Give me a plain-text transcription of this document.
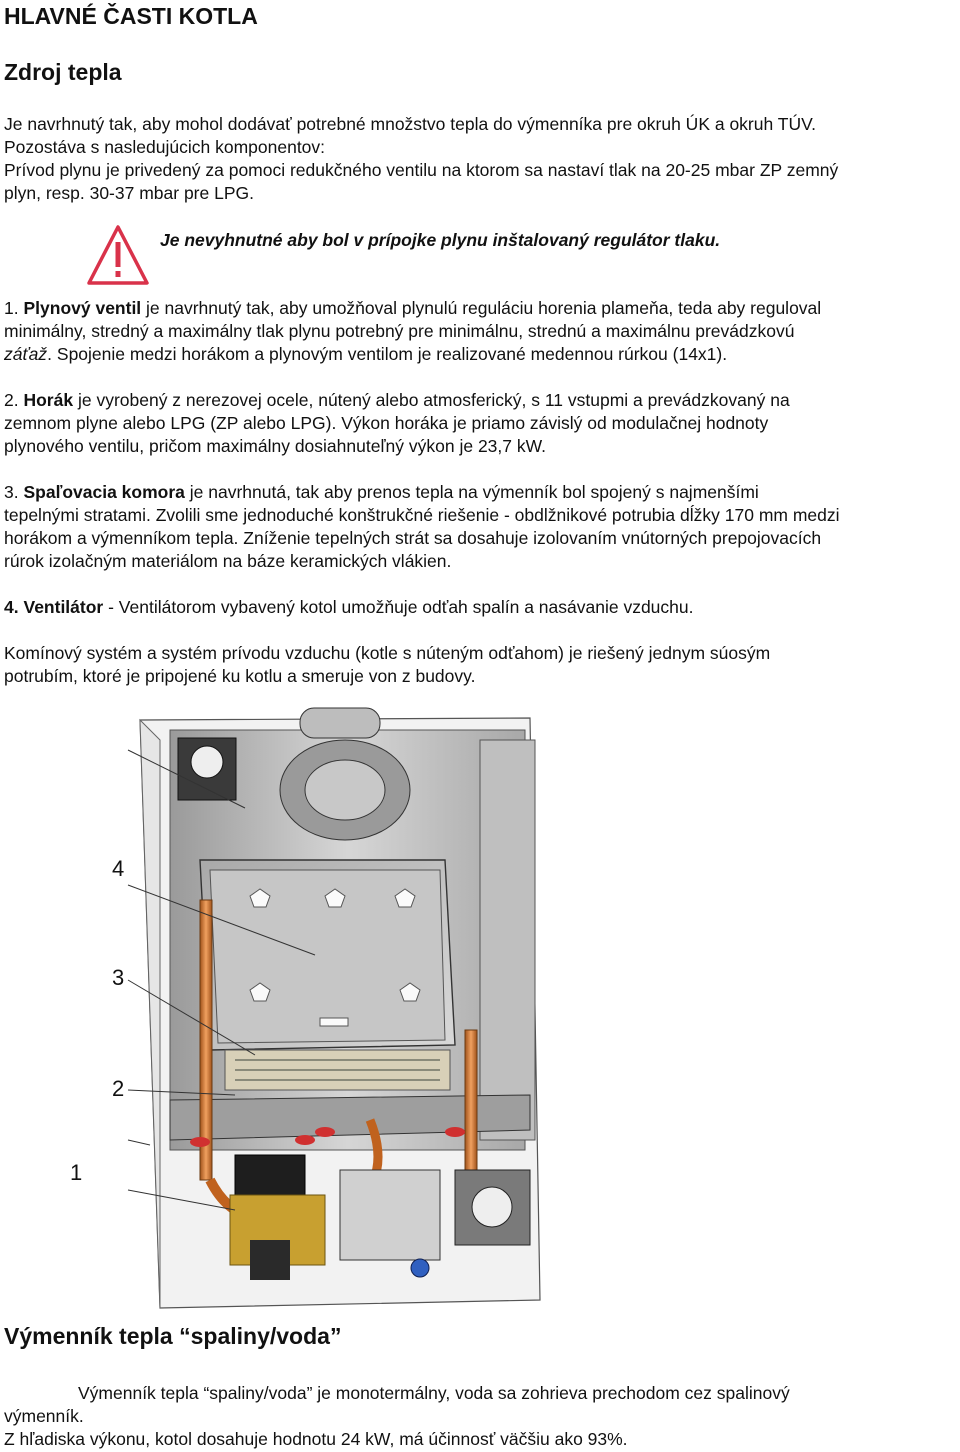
HLAVNÉ ČASTI KOTLA
Zdroj tepla
Je navrhnutý tak, aby mohol dodávať potrebné množstvo tepla do výmenníka pre okruh ÚK a okruh TÚV.
Pozostáva s nasledujúcich komponentov:
Prívod plynu je privedený za pomoci redukčného ventilu na ktorom sa nastaví tlak na 20-25 mbar ZP zemný
plyn, resp. 30-37 mbar pre LPG.
Je nevyhnutné aby bol v prípojke plynu inštalovaný regulátor tlaku.
1. Plynový ventil je navrhnutý tak, aby umožňoval plynulú reguláciu horenia plameňa, teda aby reguloval
minimálny, stredný a maximálny tlak plynu potrebný pre minimálnu, strednú a maximálnu prevádzkovú
záťaž. Spojenie medzi horákom a plynovým ventilom je realizované medennou rúrkou (14x1).
2. Horák je vyrobený z nerezovej ocele, nútený alebo atmosferický, s 11 vstupmi a prevádzkovaný na
zemnom plyne alebo LPG (ZP alebo LPG). Výkon horáka je priamo závislý od modulačnej hodnoty
plynového ventilu, pričom maximálny dosiahnuteľný výkon je 23,7 kW.
3. Spaľovacia komora je navrhnutá, tak aby prenos tepla na výmenník bol spojený s najmenšími
tepelnými stratami. Zvolili sme jednoduché konštrukčné riešenie - obdlžnikové potrubia dĺžky 170 mm medzi
horákom a výmenníkom tepla. Zníženie tepelných strát sa dosahuje izolovaním vnútorných prepojovacích
rúrok izolačným materiálom na báze keramických vlákien.
4. Ventilátor - Ventilátorom vybavený kotol umožňuje odťah spalín a nasávanie vzduchu.
Komínový systém a systém prívodu vzduchu (kotle s núteným odťahom) je riešený jednym súosým
potrubím, ktoré je pripojené ku kotlu a smeruje von z budovy.
4
3
2
1
Výmenník tepla “spaliny/voda”
Výmenník tepla “spaliny/voda” je monotermálny, voda sa zohrieva prechodom cez spalinový
výmenník.
Z hľadiska výkonu, kotol dosahuje hodnotu 24 kW, má účinnosť väčšiu ako 93%.
